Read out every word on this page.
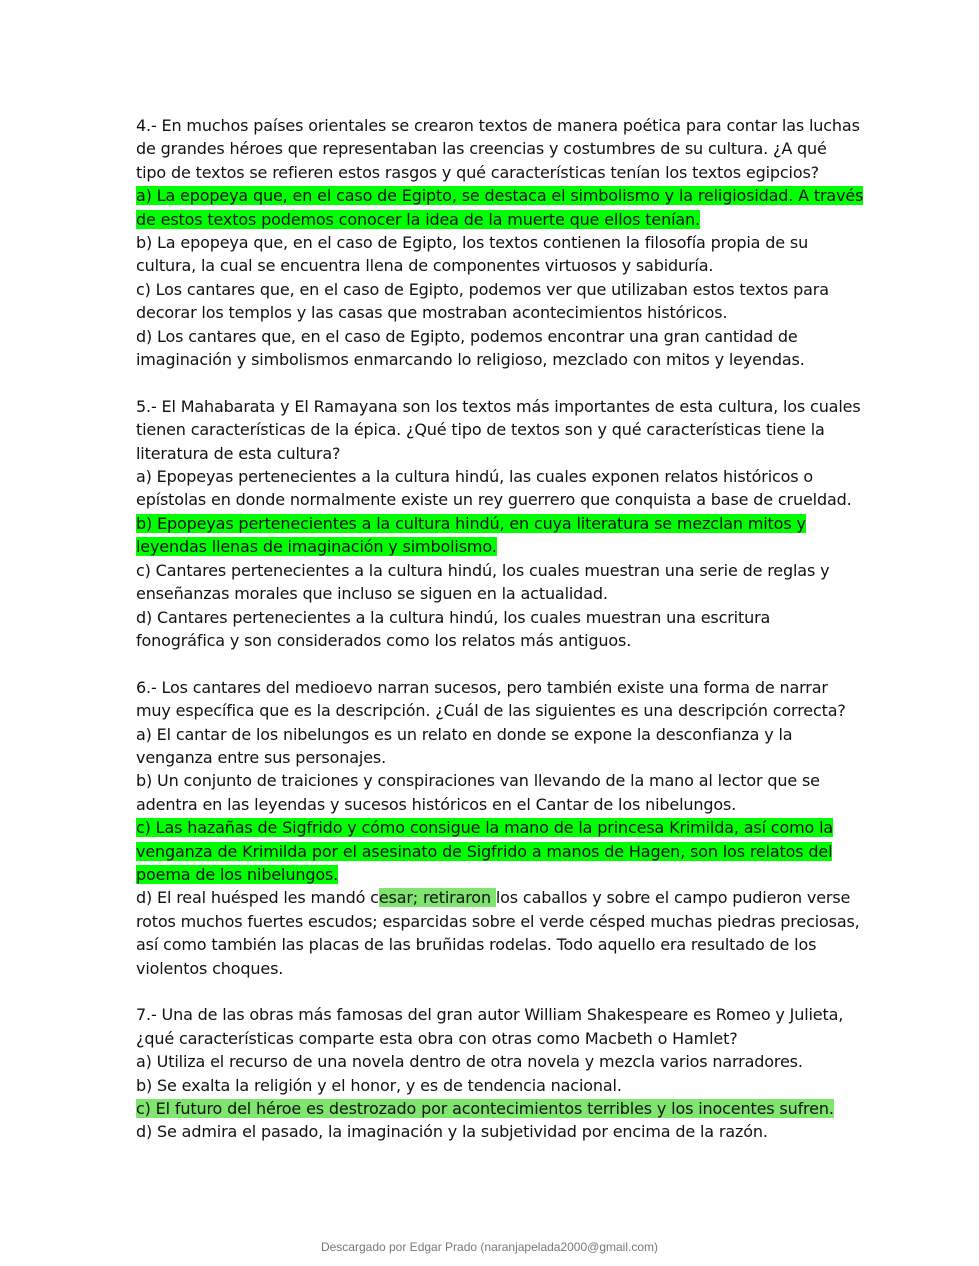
4.- En muchos países orientales se crearon textos de manera poética para contar las luchas
de grandes héroes que representaban las creencias y costumbres de su cultura. ¿A qué
tipo de textos se refieren estos rasgos y qué características tenían los textos egipcios?
a) La epopeya que, en el caso de Egipto, se destaca el simbolismo y la religiosidad. A través
de estos textos podemos conocer la idea de la muerte que ellos tenían.
b) La epopeya que, en el caso de Egipto, los textos contienen la filosofía propia de su
cultura, la cual se encuentra llena de componentes virtuosos y sabiduría.
c) Los cantares que, en el caso de Egipto, podemos ver que utilizaban estos textos para
decorar los templos y las casas que mostraban acontecimientos históricos.
d) Los cantares que, en el caso de Egipto, podemos encontrar una gran cantidad de
imaginación y simbolismos enmarcando lo religioso, mezclado con mitos y leyendas.
5.- El Mahabarata y El Ramayana son los textos más importantes de esta cultura, los cuales
tienen características de la épica. ¿Qué tipo de textos son y qué características tiene la
literatura de esta cultura?
a) Epopeyas pertenecientes a la cultura hindú, las cuales exponen relatos históricos o
epístolas en donde normalmente existe un rey guerrero que conquista a base de crueldad.
b) Epopeyas pertenecientes a la cultura hindú, en cuya literatura se mezclan mitos y
leyendas llenas de imaginación y simbolismo.
c) Cantares pertenecientes a la cultura hindú, los cuales muestran una serie de reglas y
enseñanzas morales que incluso se siguen en la actualidad.
d) Cantares pertenecientes a la cultura hindú, los cuales muestran una escritura
fonográfica y son considerados como los relatos más antiguos.
6.- Los cantares del medioevo narran sucesos, pero también existe una forma de narrar
muy específica que es la descripción. ¿Cuál de las siguientes es una descripción correcta?
a) El cantar de los nibelungos es un relato en donde se expone la desconfianza y la
venganza entre sus personajes.
b) Un conjunto de traiciones y conspiraciones van llevando de la mano al lector que se
adentra en las leyendas y sucesos históricos en el Cantar de los nibelungos.
c) Las hazañas de Sigfrido y cómo consigue la mano de la princesa Krimilda, así como la
venganza de Krimilda por el asesinato de Sigfrido a manos de Hagen, son los relatos del
poema de los nibelungos.
d) El real huésped les mandó cesar; retiraron los caballos y sobre el campo pudieron verse
rotos muchos fuertes escudos; esparcidas sobre el verde césped muchas piedras preciosas,
así como también las placas de las bruñidas rodelas. Todo aquello era resultado de los
violentos choques.
7.- Una de las obras más famosas del gran autor William Shakespeare es Romeo y Julieta,
¿qué características comparte esta obra con otras como Macbeth o Hamlet?
a) Utiliza el recurso de una novela dentro de otra novela y mezcla varios narradores.
b) Se exalta la religión y el honor, y es de tendencia nacional.
c) El futuro del héroe es destrozado por acontecimientos terribles y los inocentes sufren.
d) Se admira el pasado, la imaginación y la subjetividad por encima de la razón.
Descargado por Edgar Prado (naranjapelada2000@gmail.com)
